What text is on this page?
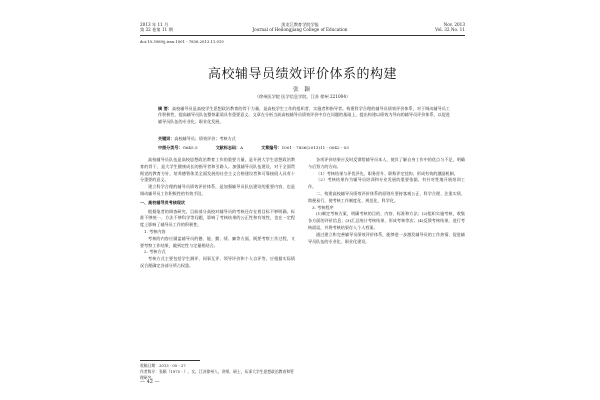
2013 年 11 月
第 32 卷第 11 期
黑龙江教育学院学报
Journal of Heilongjiang College of Education
Nov. 2013
Vol. 32 No. 11
doi:10.3969/j.issn.1001 - 7836.2013.11.019
高校辅导员绩效评价体系的构建
张 颖
（徐州医学院 医学信息学院，江苏 徐州 221004）
摘 要：高校辅导员是高校学生思想政治教育的骨干力量，是高校学生工作的组织者、实施者和指导者。构建科学合理的辅导员绩效评价体系，对于调动辅导员工作积极性、提高辅导员队伍整体素质具有重要意义。文章在分析当前高校辅导员绩效评价中存在问题的基础上，提出构建以绩效为导向的辅导员评价体系，以促进辅导员队伍的专业化、职业化发展。
关键词：高校辅导员；绩效评价；考核方式
中图分类号：G645.5	文献标志码：A	文章编号：1001 - 7836(2013)11 - 0042 - 03

高校辅导员队伍是高校思想政治教育工作的重要力量，是开展大学生思想政治教育的骨干，是大学生健康成长的指导者和引路人。加强辅导员队伍建设，对于全面贯彻党的教育方针，培养德智体美全面发展的社会主义合格建设者和可靠接班人具有十分重要的意义。

建立科学合理的辅导员绩效评价体系，是加强辅导员队伍建设的重要内容，也是调动辅导员工作积极性的有效手段。

一、高校辅导员考核现状

根据笔者的调查研究，目前部分高校对辅导员的考核还存在着目标不够明确、标准不够统一、方法不够科学等问题，影响了考核结果的公正性和有效性，也在一定程度上影响了辅导员工作的积极性。

1. 考核内容

考核的内容应涵盖辅导员的德、能、勤、绩、廉等方面，既要考察工作过程，又要考察工作结果，做到定性与定量相结合。

2. 考核方式

考核方式主要包括学生测评、同事互评、领导评价和个人自评等，应根据实际情况合理确定各部分所占权重。

各项评价结果应及时反馈给辅导员本人，使其了解自身工作中的优点与不足，明确今后努力的方向。

（1）考核结果与评优评先、职务晋升、职称评定挂钩，形成有效的激励机制。

（2）考核结果作为辅导员培训和专业发展的重要依据，有针对性地开展培训工作。

二、构建高校辅导员绩效评价体系的原则应坚持客观公正、科学合理、注重实绩、简便易行，使考核工作制度化、规范化、科学化。

3. 考核程序

(1)制定考核方案，明确考核的目的、内容、标准和方法；(2)组织实施考核，收集各方面的评价信息；(3)汇总统计考核结果，形成考核等次；(4)反馈考核结果，进行考核面谈，并将考核结果存入个人档案。

通过建立和完善辅导员绩效评价体系，能够进一步激发辅导员的工作热情，促进辅导员队伍的专业化、职业化建设。

收稿日期：2013 - 05 - 27
作者简介：张颖（1975 - ），女，江苏徐州人，讲师，硕士，从事大学生思想政治教育和管理研究。
— 42 —
